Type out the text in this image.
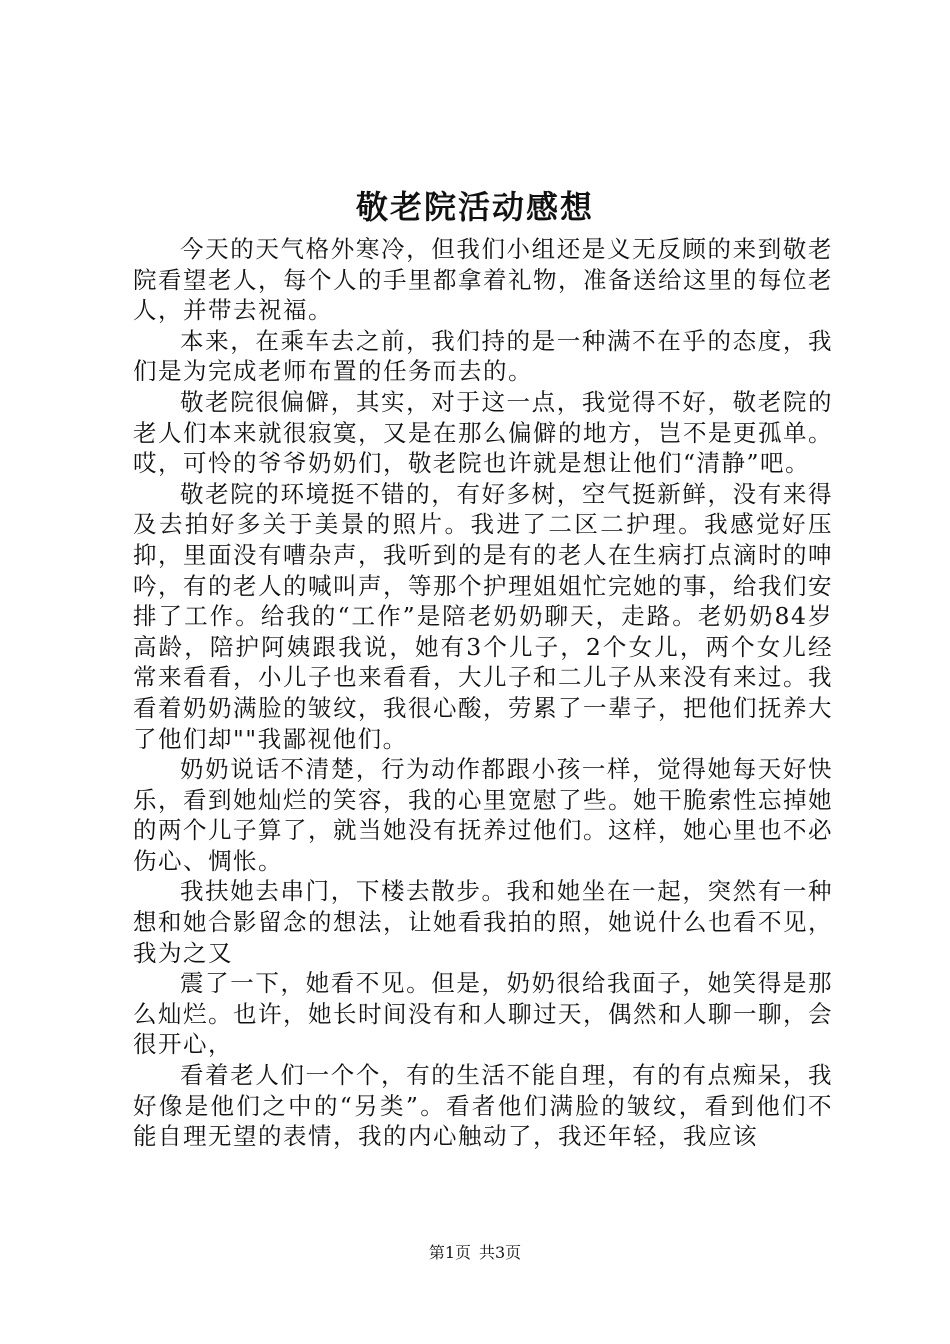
敬老院活动感想

今天的天气格外寒冷，但我们小组还是义无反顾的来到敬老院看望老人，每个人的手里都拿着礼物，准备送给这里的每位老人，并带去祝福。

本来，在乘车去之前，我们持的是一种满不在乎的态度，我们是为完成老师布置的任务而去的。

敬老院很偏僻，其实，对于这一点，我觉得不好，敬老院的老人们本来就很寂寞，又是在那么偏僻的地方，岂不是更孤单。哎，可怜的爷爷奶奶们，敬老院也许就是想让他们“清静”吧。

敬老院的环境挺不错的，有好多树，空气挺新鲜，没有来得及去拍好多关于美景的照片。我进了二区二护理。我感觉好压抑，里面没有嘈杂声，我听到的是有的老人在生病打点滴时的呻吟，有的老人的喊叫声，等那个护理姐姐忙完她的事，给我们安排了工作。给我的“工作”是陪老奶奶聊天，走路。老奶奶84岁高龄，陪护阿姨跟我说，她有3个儿子，2个女儿，两个女儿经常来看看，小儿子也来看看，大儿子和二儿子从来没有来过。我看着奶奶满脸的皱纹，我很心酸，劳累了一辈子，把他们抚养大了他们却""我鄙视他们。

奶奶说话不清楚，行为动作都跟小孩一样，觉得她每天好快乐，看到她灿烂的笑容，我的心里宽慰了些。她干脆索性忘掉她的两个儿子算了，就当她没有抚养过他们。这样，她心里也不必伤心、惆怅。

我扶她去串门，下楼去散步。我和她坐在一起，突然有一种想和她合影留念的想法，让她看我拍的照，她说什么也看不见，我为之又

震了一下，她看不见。但是，奶奶很给我面子，她笑得是那么灿烂。也许，她长时间没有和人聊过天，偶然和人聊一聊，会很开心，

看着老人们一个个，有的生活不能自理，有的有点痴呆，我好像是他们之中的“另类”。看者他们满脸的皱纹，看到他们不能自理无望的表情，我的内心触动了，我还年轻，我应该

第1页 共3页
